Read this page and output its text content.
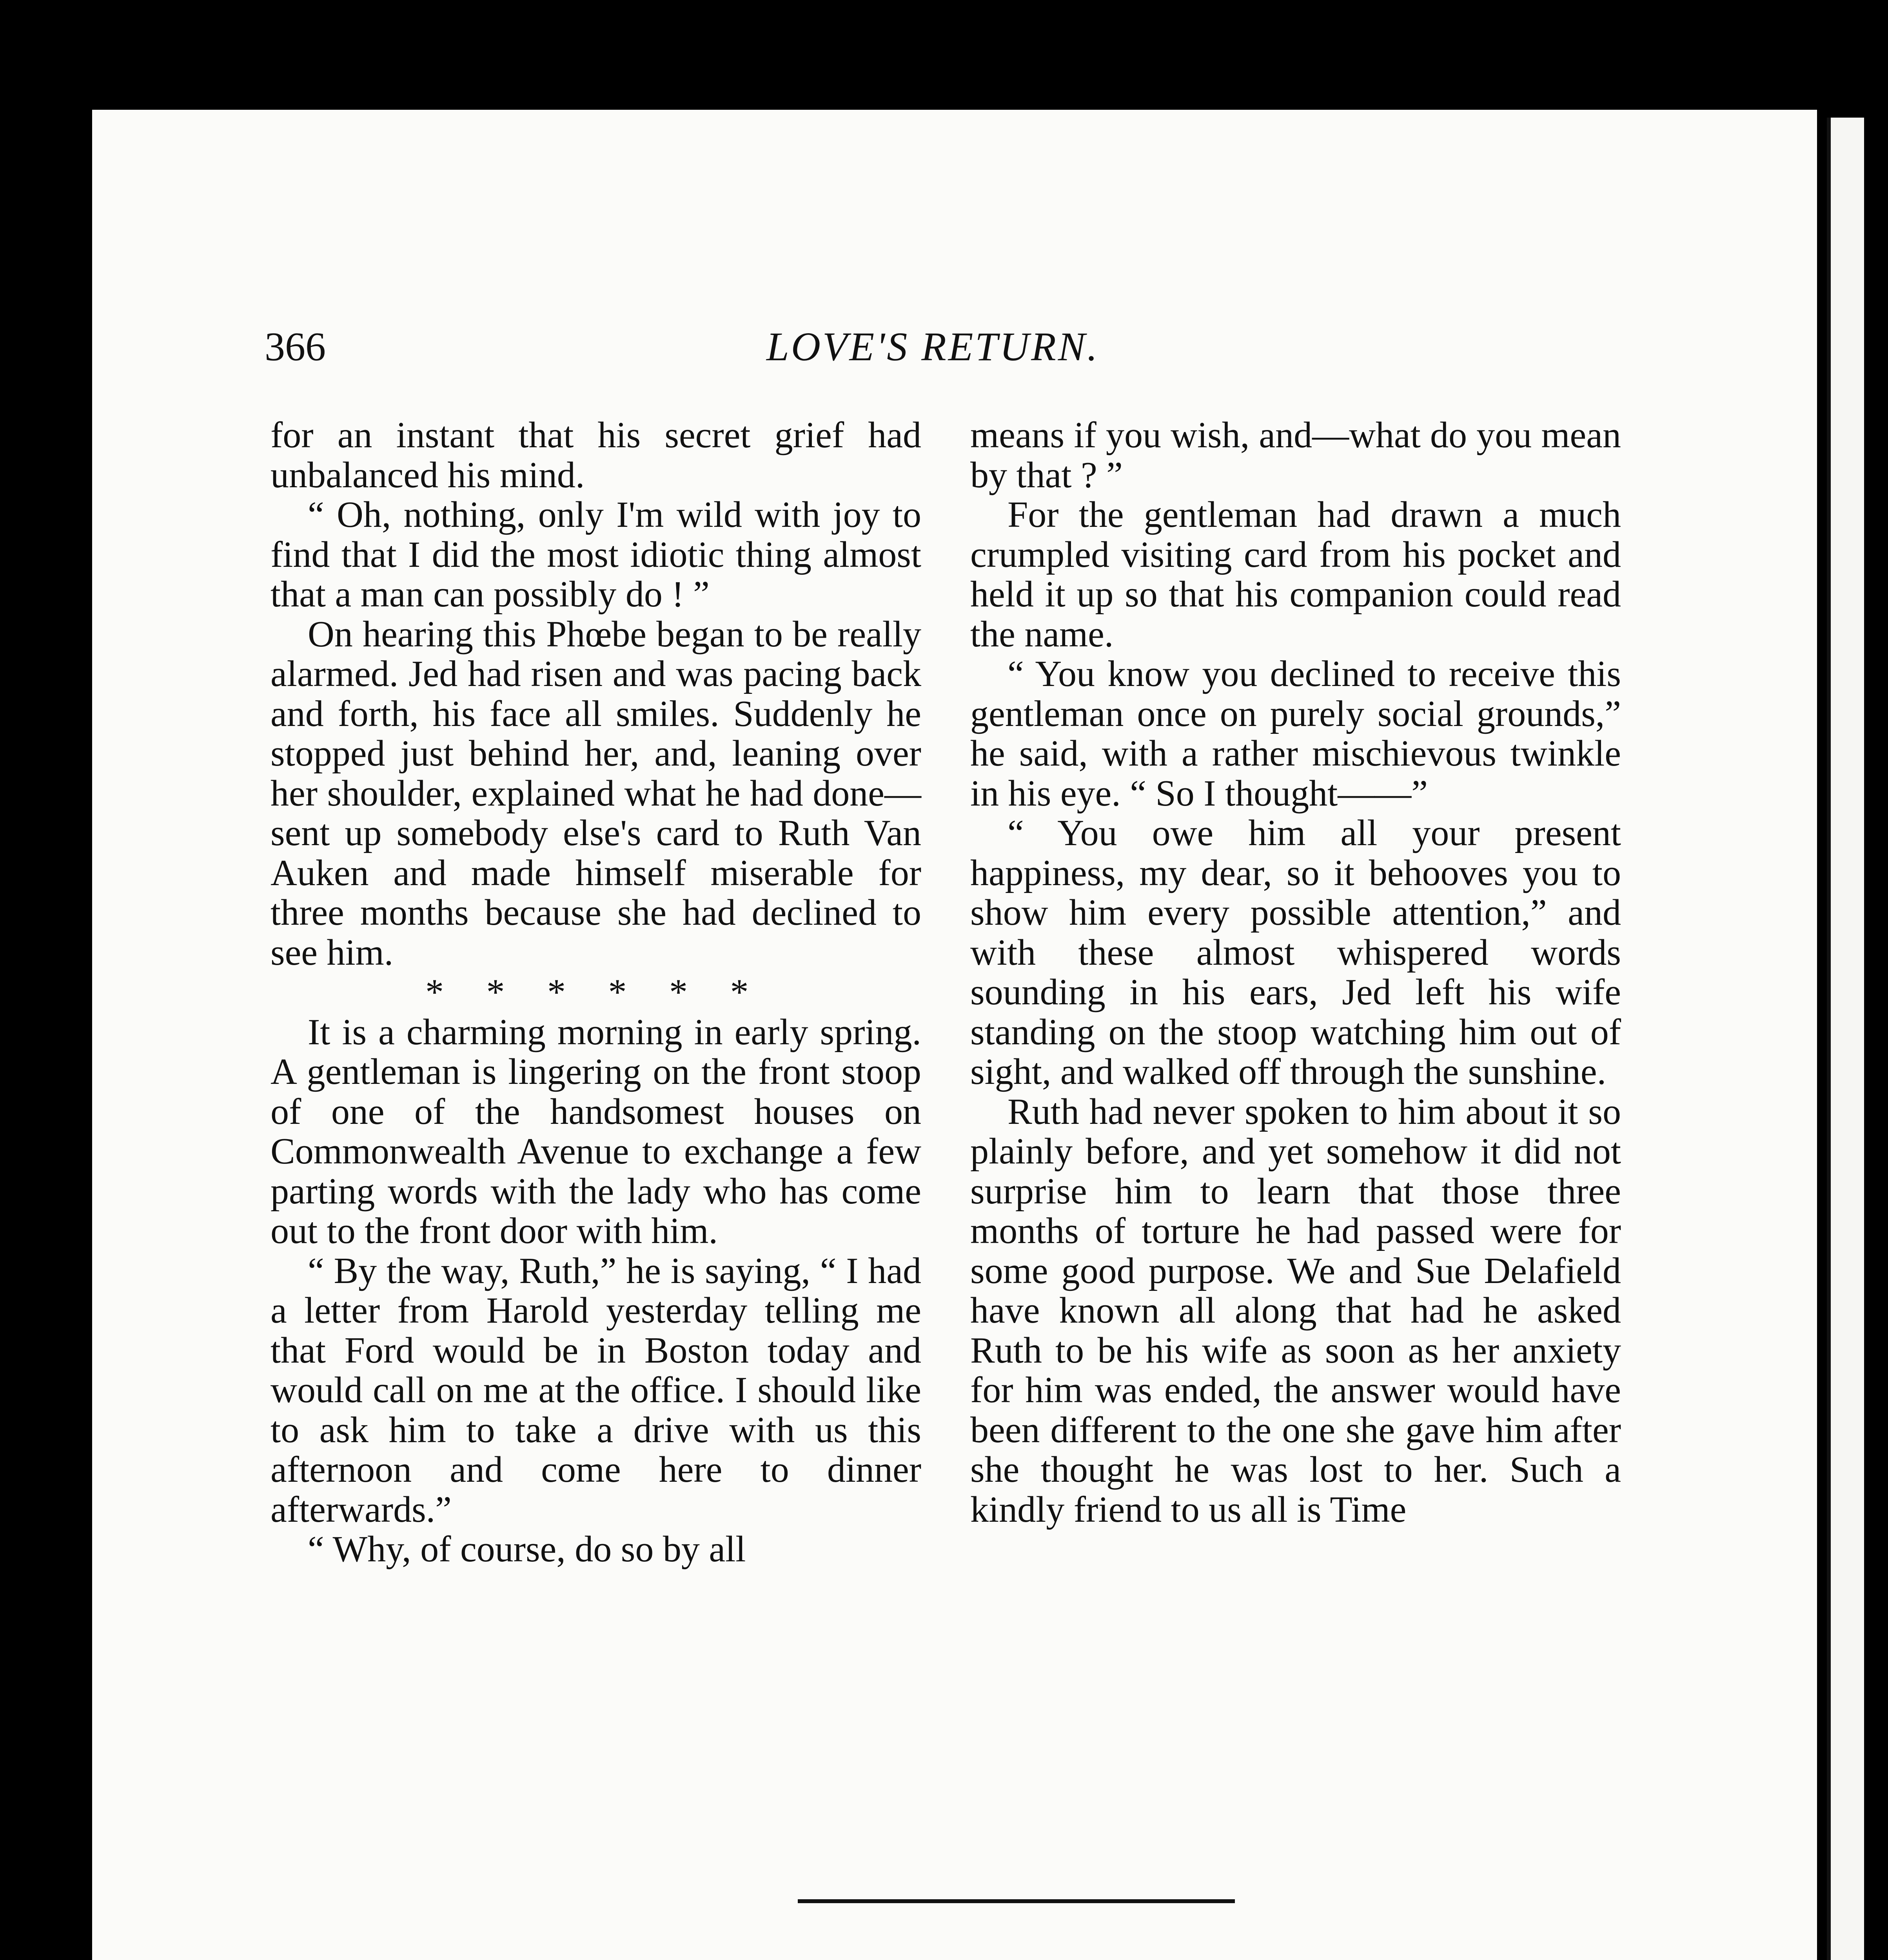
366	LOVE'S RETURN.

for an instant that his secret grief had unbalanced his mind.

“ Oh, nothing, only I'm wild with joy to find that I did the most idiotic thing almost that a man can possibly do ! ”

On hearing this Phœbe began to be really alarmed. Jed had risen and was pacing back and forth, his face all smiles. Suddenly he stopped just behind her, and, leaning over her shoulder, explained what he had done—sent up somebody else's card to Ruth Van Auken and made himself miserable for three months because she had declined to see him.

* * * * * *

It is a charming morning in early spring. A gentleman is lingering on the front stoop of one of the handsomest houses on Commonwealth Avenue to exchange a few parting words with the lady who has come out to the front door with him.

“ By the way, Ruth,” he is saying, “ I had a letter from Harold yesterday telling me that Ford would be in Boston today and would call on me at the office. I should like to ask him to take a drive with us this afternoon and come here to dinner afterwards.”

“ Why, of course, do so by all

means if you wish, and—what do you mean by that ? ”

For the gentleman had drawn a much crumpled visiting card from his pocket and held it up so that his companion could read the name.

“ You know you declined to receive this gentleman once on purely social grounds,” he said, with a rather mischievous twinkle in his eye. “ So I thought——”

“ You owe him all your present happiness, my dear, so it behooves you to show him every possible attention,” and with these almost whispered words sounding in his ears, Jed left his wife standing on the stoop watching him out of sight, and walked off through the sunshine.

Ruth had never spoken to him about it so plainly before, and yet somehow it did not surprise him to learn that those three months of torture he had passed were for some good purpose. We and Sue Delafield have known all along that had he asked Ruth to be his wife as soon as her anxiety for him was ended, the answer would have been different to the one she gave him after she thought he was lost to her. Such a kindly friend to us all is Time
